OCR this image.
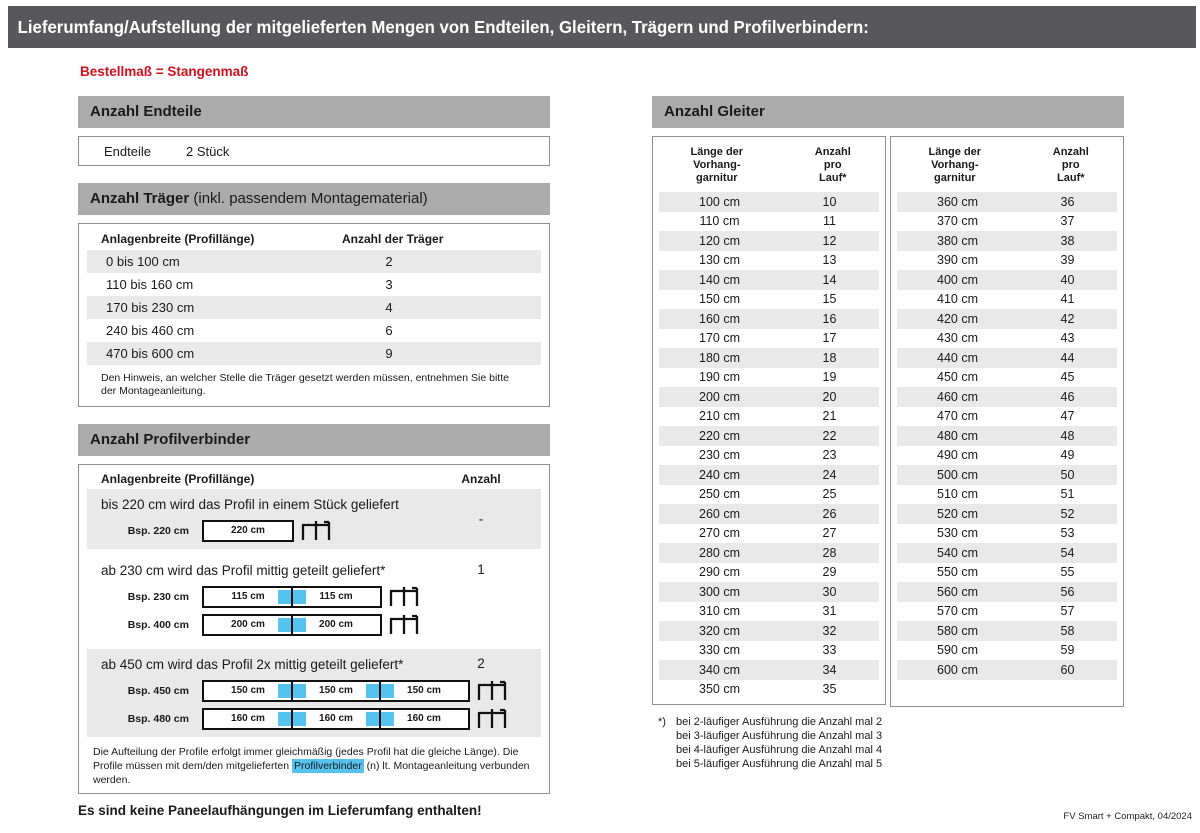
Lieferumfang/Aufstellung der mitgelieferten Mengen von Endteilen, Gleitern, Trägern und Profilverbindern:
Bestellmaß = Stangenmaß
Anzahl Endteile
Endteile	2 Stück
Anzahl Träger (inkl. passendem Montagematerial)
Anlagenbreite (Profillänge)	Anzahl der Träger
0 bis 100 cm	2
110 bis 160 cm	3
170 bis 230 cm	4
240 bis 460 cm	6
470 bis 600 cm	9
Den Hinweis, an welcher Stelle die Träger gesetzt werden müssen, entnehmen Sie bitte der Montageanleitung.
Anzahl Profilverbinder
Anlagenbreite (Profillänge)	Anzahl
bis 220 cm wird das Profil in einem Stück geliefert
-
Bsp. 220 cm	220 cm
ab 230 cm wird das Profil mittig geteilt geliefert*	1
Bsp. 230 cm	115 cm	115 cm
Bsp. 400 cm	200 cm	200 cm
ab 450 cm wird das Profil 2x mittig geteilt geliefert*	2
Bsp. 450 cm	150 cm	150 cm	150 cm
Bsp. 480 cm	160 cm	160 cm	160 cm
Die Aufteilung der Profile erfolgt immer gleichmäßig (jedes Profil hat die gleiche Länge). Die Profile müssen mit dem/den mitgelieferten Profilverbinder (n) lt. Montageanleitung verbunden werden.
Es sind keine Paneelaufhängungen im Lieferumfang enthalten!
Anzahl Gleiter
Länge der
Vorhang-
garnitur
Anzahl
pro
Lauf*
100 cm	10
110 cm	11
120 cm	12
130 cm	13
140 cm	14
150 cm	15
160 cm	16
170 cm	17
180 cm	18
190 cm	19
200 cm	20
210 cm	21
220 cm	22
230 cm	23
240 cm	24
250 cm	25
260 cm	26
270 cm	27
280 cm	28
290 cm	29
300 cm	30
310 cm	31
320 cm	32
330 cm	33
340 cm	34
350 cm	35
Länge der
Vorhang-
garnitur
Anzahl
pro
Lauf*
360 cm	36
370 cm	37
380 cm	38
390 cm	39
400 cm	40
410 cm	41
420 cm	42
430 cm	43
440 cm	44
450 cm	45
460 cm	46
470 cm	47
480 cm	48
490 cm	49
500 cm	50
510 cm	51
520 cm	52
530 cm	53
540 cm	54
550 cm	55
560 cm	56
570 cm	57
580 cm	58
590 cm	59
600 cm	60
*) bei 2-läufiger Ausführung die Anzahl mal 2
bei 3-läufiger Ausführung die Anzahl mal 3
bei 4-läufiger Ausführung die Anzahl mal 4
bei 5-läufiger Ausführung die Anzahl mal 5
FV Smart + Compakt, 04/2024
